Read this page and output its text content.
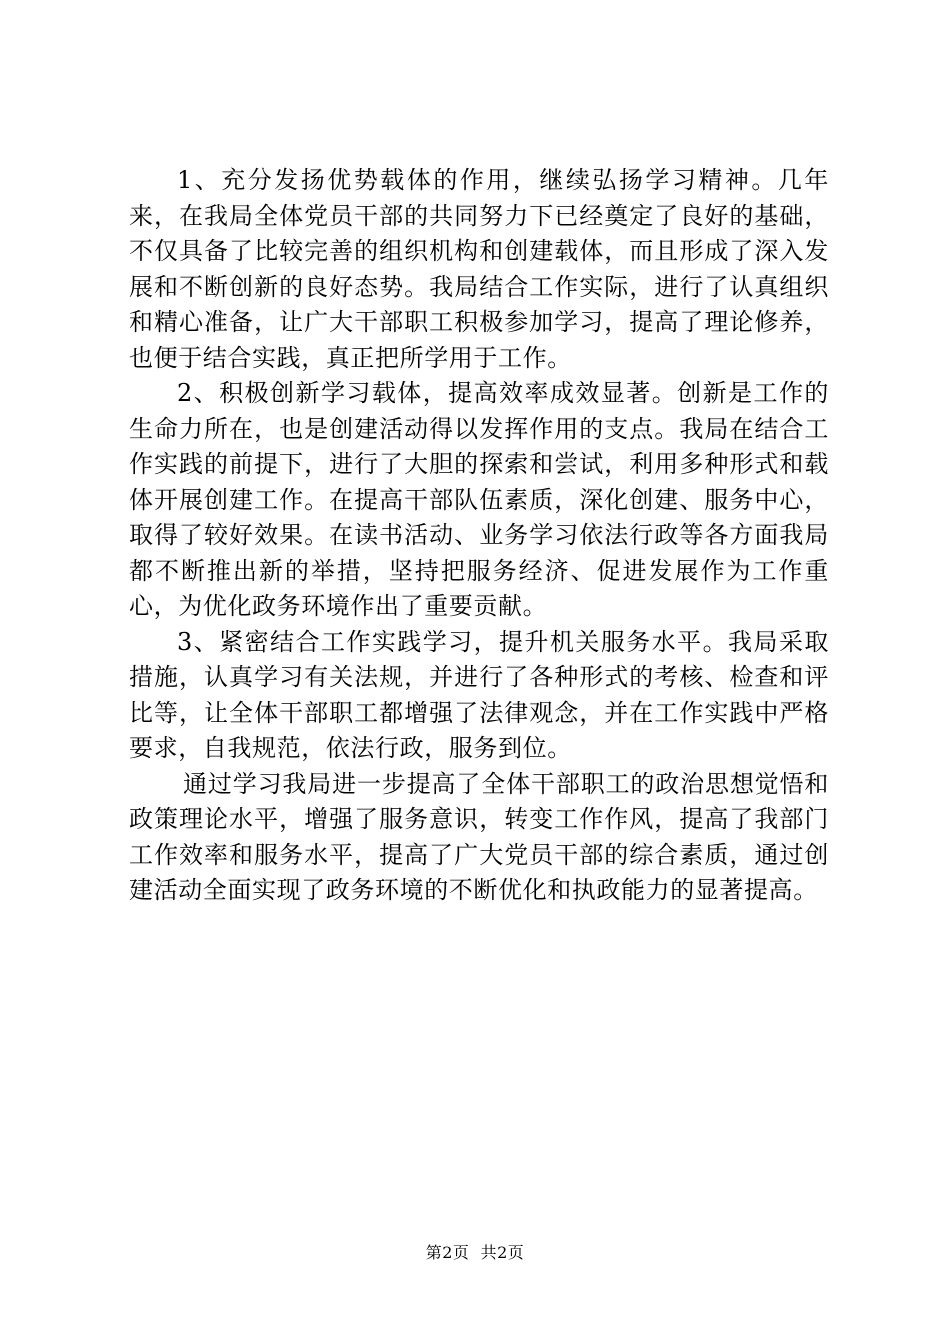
1、充分发扬优势载体的作用，继续弘扬学习精神。几年来，在我局全体党员干部的共同努力下已经奠定了良好的基础，不仅具备了比较完善的组织机构和创建载体，而且形成了深入发展和不断创新的良好态势。我局结合工作实际，进行了认真组织和精心准备，让广大干部职工积极参加学习，提高了理论修养，也便于结合实践，真正把所学用于工作。

2、积极创新学习载体，提高效率成效显著。创新是工作的生命力所在，也是创建活动得以发挥作用的支点。我局在结合工作实践的前提下，进行了大胆的探索和尝试，利用多种形式和载体开展创建工作。在提高干部队伍素质，深化创建、服务中心，取得了较好效果。在读书活动、业务学习依法行政等各方面我局都不断推出新的举措，坚持把服务经济、促进发展作为工作重心，为优化政务环境作出了重要贡献。

3、紧密结合工作实践学习，提升机关服务水平。我局采取措施，认真学习有关法规，并进行了各种形式的考核、检查和评比等，让全体干部职工都增强了法律观念，并在工作实践中严格要求，自我规范，依法行政，服务到位。

通过学习我局进一步提高了全体干部职工的政治思想觉悟和政策理论水平，增强了服务意识，转变工作作风，提高了我部门工作效率和服务水平，提高了广大党员干部的综合素质，通过创建活动全面实现了政务环境的不断优化和执政能力的显著提高。

第2页  共2页
